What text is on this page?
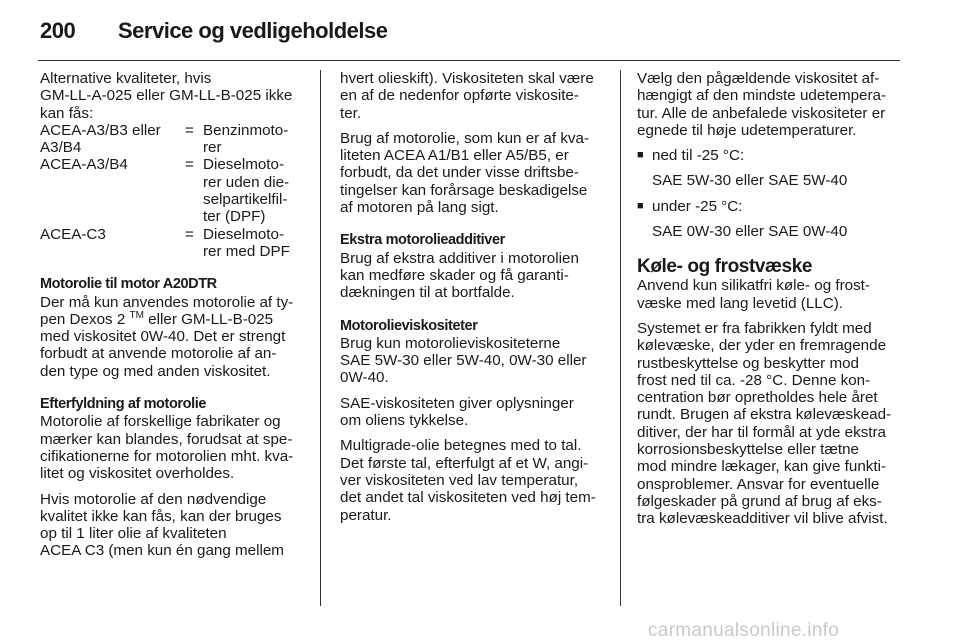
200 Service og vedligeholdelse
Alternative kvaliteter, hvis
GM-LL-A-025 eller GM-LL-B-025 ikke
kan fås:
ACEA-A3/B3 eller
A3/B4
= Benzinmoto-
rer
ACEA-A3/B4	= Dieselmoto-
rer uden die-
selpartikelfil-
ter (DPF)
ACEA-C3	= Dieselmoto-
rer med DPF
Motorolie til motor A20DTR
Der må kun anvendes motorolie af ty-
pen Dexos 2 ™ eller GM-LL-B-025
med viskositet 0W-40. Det er strengt
forbudt at anvende motorolie af an-
den type og med anden viskositet.
Efterfyldning af motorolie
Motorolie af forskellige fabrikater og
mærker kan blandes, forudsat at spe-
cifikationerne for motorolien mht. kva-
litet og viskositet overholdes.
Hvis motorolie af den nødvendige
kvalitet ikke kan fås, kan der bruges
op til 1 liter olie af kvaliteten
ACEA C3 (men kun én gang mellem
hvert olieskift). Viskositeten skal være
en af de nedenfor opførte viskosite-
ter.
Brug af motorolie, som kun er af kva-
liteten ACEA A1/B1 eller A5/B5, er
forbudt, da det under visse driftsbe-
tingelser kan forårsage beskadigelse
af motoren på lang sigt.
Ekstra motorolieadditiver
Brug af ekstra additiver i motorolien
kan medføre skader og få garanti-
dækningen til at bortfalde.
Motorolieviskositeter
Brug kun motorolieviskositeterne
SAE 5W-30 eller 5W-40, 0W-30 eller
0W-40.
SAE-viskositeten giver oplysninger
om oliens tykkelse.
Multigrade-olie betegnes med to tal.
Det første tal, efterfulgt af et W, angi-
ver viskositeten ved lav temperatur,
det andet tal viskositeten ved høj tem-
peratur.
Vælg den pågældende viskositet af-
hængigt af den mindste udetempera-
tur. Alle de anbefalede viskositeter er
egnede til høje udetemperaturer.
■ ned til -25 °C:
SAE 5W-30 eller SAE 5W-40
■ under -25 °C:
SAE 0W-30 eller SAE 0W-40
Køle- og frostvæske
Anvend kun silikatfri køle- og frost-
væske med lang levetid (LLC).
Systemet er fra fabrikken fyldt med
kølevæske, der yder en fremragende
rustbeskyttelse og beskytter mod
frost ned til ca. -28 °C. Denne kon-
centration bør opretholdes hele året
rundt. Brugen af ekstra kølevæskead-
ditiver, der har til formål at yde ekstra
korrosionsbeskyttelse eller tætne
mod mindre lækager, kan give funkti-
onsproblemer. Ansvar for eventuelle
følgeskader på grund af brug af eks-
tra kølevæskeadditiver vil blive afvist.
carmanualsonline.info
